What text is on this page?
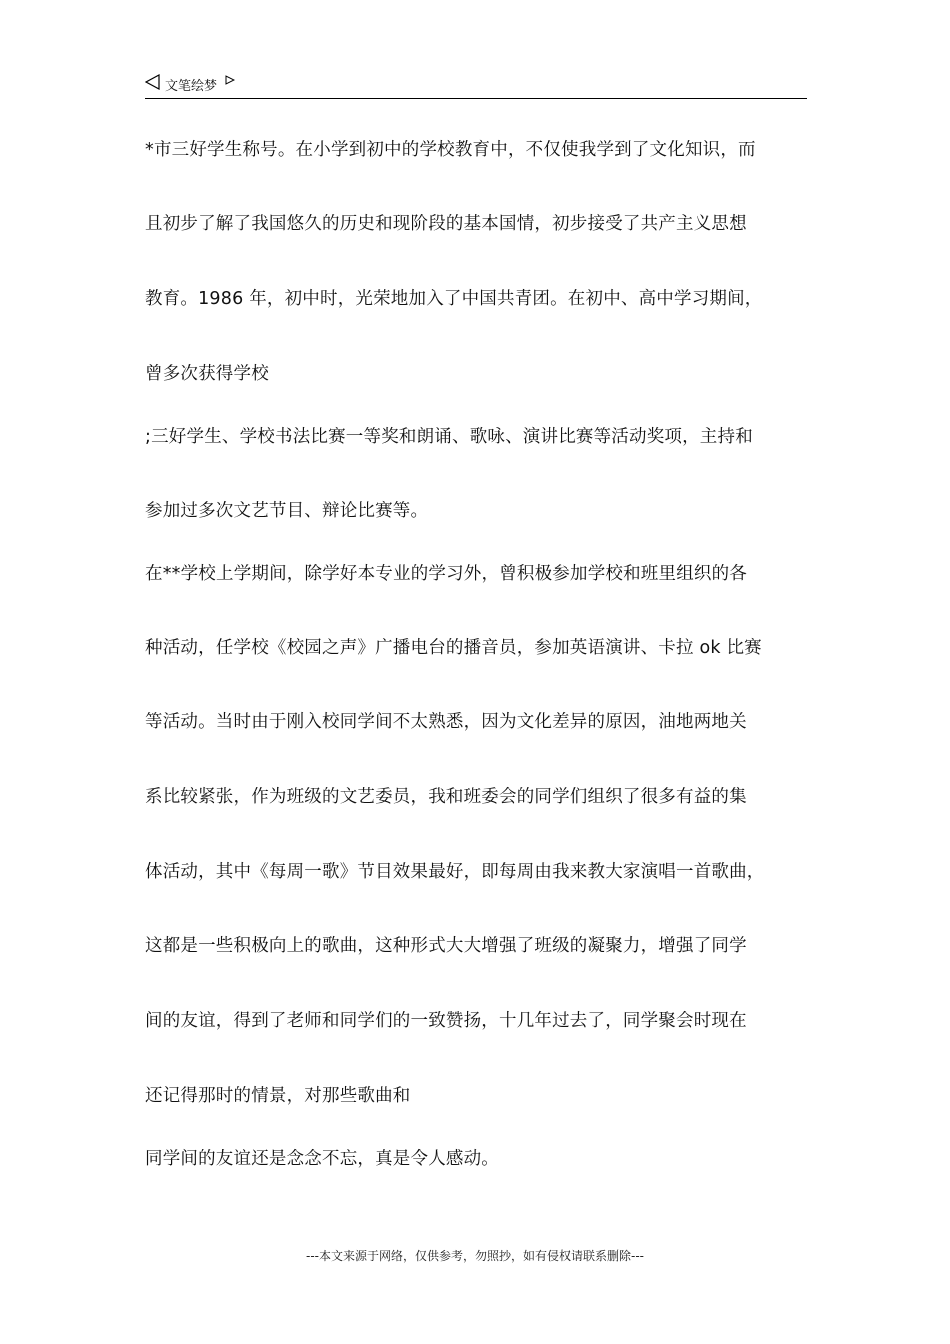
文笔绘梦
*市三好学生称号。在小学到初中的学校教育中，不仅使我学到了文化知识，而
且初步了解了我国悠久的历史和现阶段的基本国情，初步接受了共产主义思想
教育。1986 年，初中时，光荣地加入了中国共青团。在初中、高中学习期间，
曾多次获得学校
;三好学生、学校书法比赛一等奖和朗诵、歌咏、演讲比赛等活动奖项，主持和
参加过多次文艺节目、辩论比赛等。
在**学校上学期间，除学好本专业的学习外，曾积极参加学校和班里组织的各
种活动，任学校《校园之声》广播电台的播音员，参加英语演讲、卡拉 ok 比赛
等活动。当时由于刚入校同学间不太熟悉，因为文化差异的原因，油地两地关
系比较紧张，作为班级的文艺委员，我和班委会的同学们组织了很多有益的集
体活动，其中《每周一歌》节目效果最好，即每周由我来教大家演唱一首歌曲，
这都是一些积极向上的歌曲，这种形式大大增强了班级的凝聚力，增强了同学
间的友谊，得到了老师和同学们的一致赞扬，十几年过去了，同学聚会时现在
还记得那时的情景，对那些歌曲和
同学间的友谊还是念念不忘，真是令人感动。
---本文来源于网络，仅供参考，勿照抄，如有侵权请联系删除---
